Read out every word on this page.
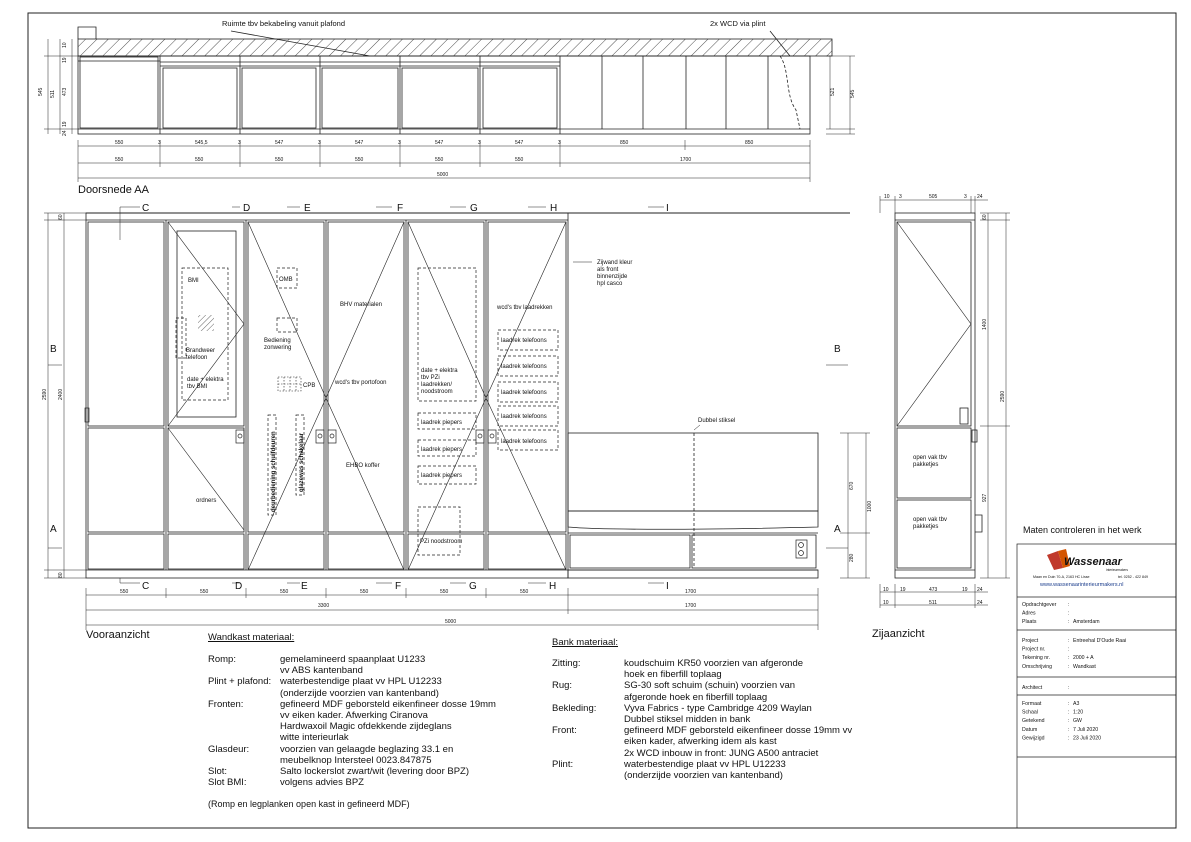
Ruimte tbv bekabeling vanuit plafond	2x WCD via plint
Doorsnede AA
550	3	545,5	3	547	3	547	3	547	3	547	3	850	850
550	550	550	550	550	550	1700
5000
10
19
545 511 473
24
19
521	545
C	D	E	F	G	H	I
C	D	E	F	G	H	I
B	B
A	A
BMI
Brandweer telefoon
date + elektra tbv BMI
OMB
Bediening zonwering
CPB
BHV materialen
wcd's tbv portofoon
EHBO koffer
date + elektra tbv PZi laadrekken/ noodstroom
laadrek piepers
laadrek piepers
laadrek piepers
wcd's tbv laadrekken
laadrek telefoons
laadrek telefoons
laadrek telefoons
laadrek telefoons
laadrek telefoons
Zijwand kleur als front binnenzijde hpl casco
ordners	deurbediening schuifdeuren	glazewas schakelaar
PZi noodstroom
Dubbel stiksel
550	550	550	550	550	550	1700
3300	1700
5000
60
2400
2590
80
670
1000
280
Vooraanzicht
10 3	505	3 24
10 19	473	19 24
10	511	24
60
1400
2590
927
open vak tbv pakketjes
open vak tbv pakketjes
Zijaanzicht
Maten controleren in het werk
Wassenaar
interieurmakers
Maan en Duin 70-A, 2163 HC Lisse	tel. 0252 - 422 849
www.wassenaarinterieurmakers.nl
Opdrachtgever :
Adres	:
Plaats	: Amsterdam
Project	: Entreehal D'Oude Raai
Project nr.	:
Tekening nr.	: 2000 + A
Omschrijving	: Wandkast
Architect	:
Formaat	: A3
Schaal	: 1:20
Getekend	: GW
Datum	: 7 Juli 2020
Gewijzigd	: 23 Juli 2020
Wandkast materiaal:
Romp:	gemelamineerd spaanplaat U1233
vv ABS kantenband
Plint + plafond: waterbestendige plaat vv HPL U12233
(onderzijde voorzien van kantenband)
Fronten:	gefineerd MDF geborsteld eikenfineer dosse 19mm
vv eiken kader. Afwerking Ciranova
Hardwaxoil Magic ofdekkende zijdeglans
witte interieurlak
Glasdeur:	voorzien van gelaagde beglazing 33.1 en
meubelknop Intersteel 0023.847875
Slot:	Salto lockerslot zwart/wit (levering door BPZ)
Slot BMI:	volgens advies BPZ
(Romp en legplanken open kast in gefineerd MDF)
Bank materiaal:
Zitting:	koudschuim KR50 voorzien van afgeronde
hoek en fiberfill toplaag
Rug:	SG-30 soft schuim (schuin) voorzien van
afgeronde hoek en fiberfill toplaag
Bekleding:	Vyva Fabrics - type Cambridge 4209 Waylan
Dubbel stiksel midden in bank
Front:	gefineerd MDF geborsteld eikenfineer dosse 19mm vv
eiken kader, afwerking idem als kast
2x WCD inbouw in front: JUNG A500 antraciet
Plint:	waterbestendige plaat vv HPL U12233
(onderzijde voorzien van kantenband)
